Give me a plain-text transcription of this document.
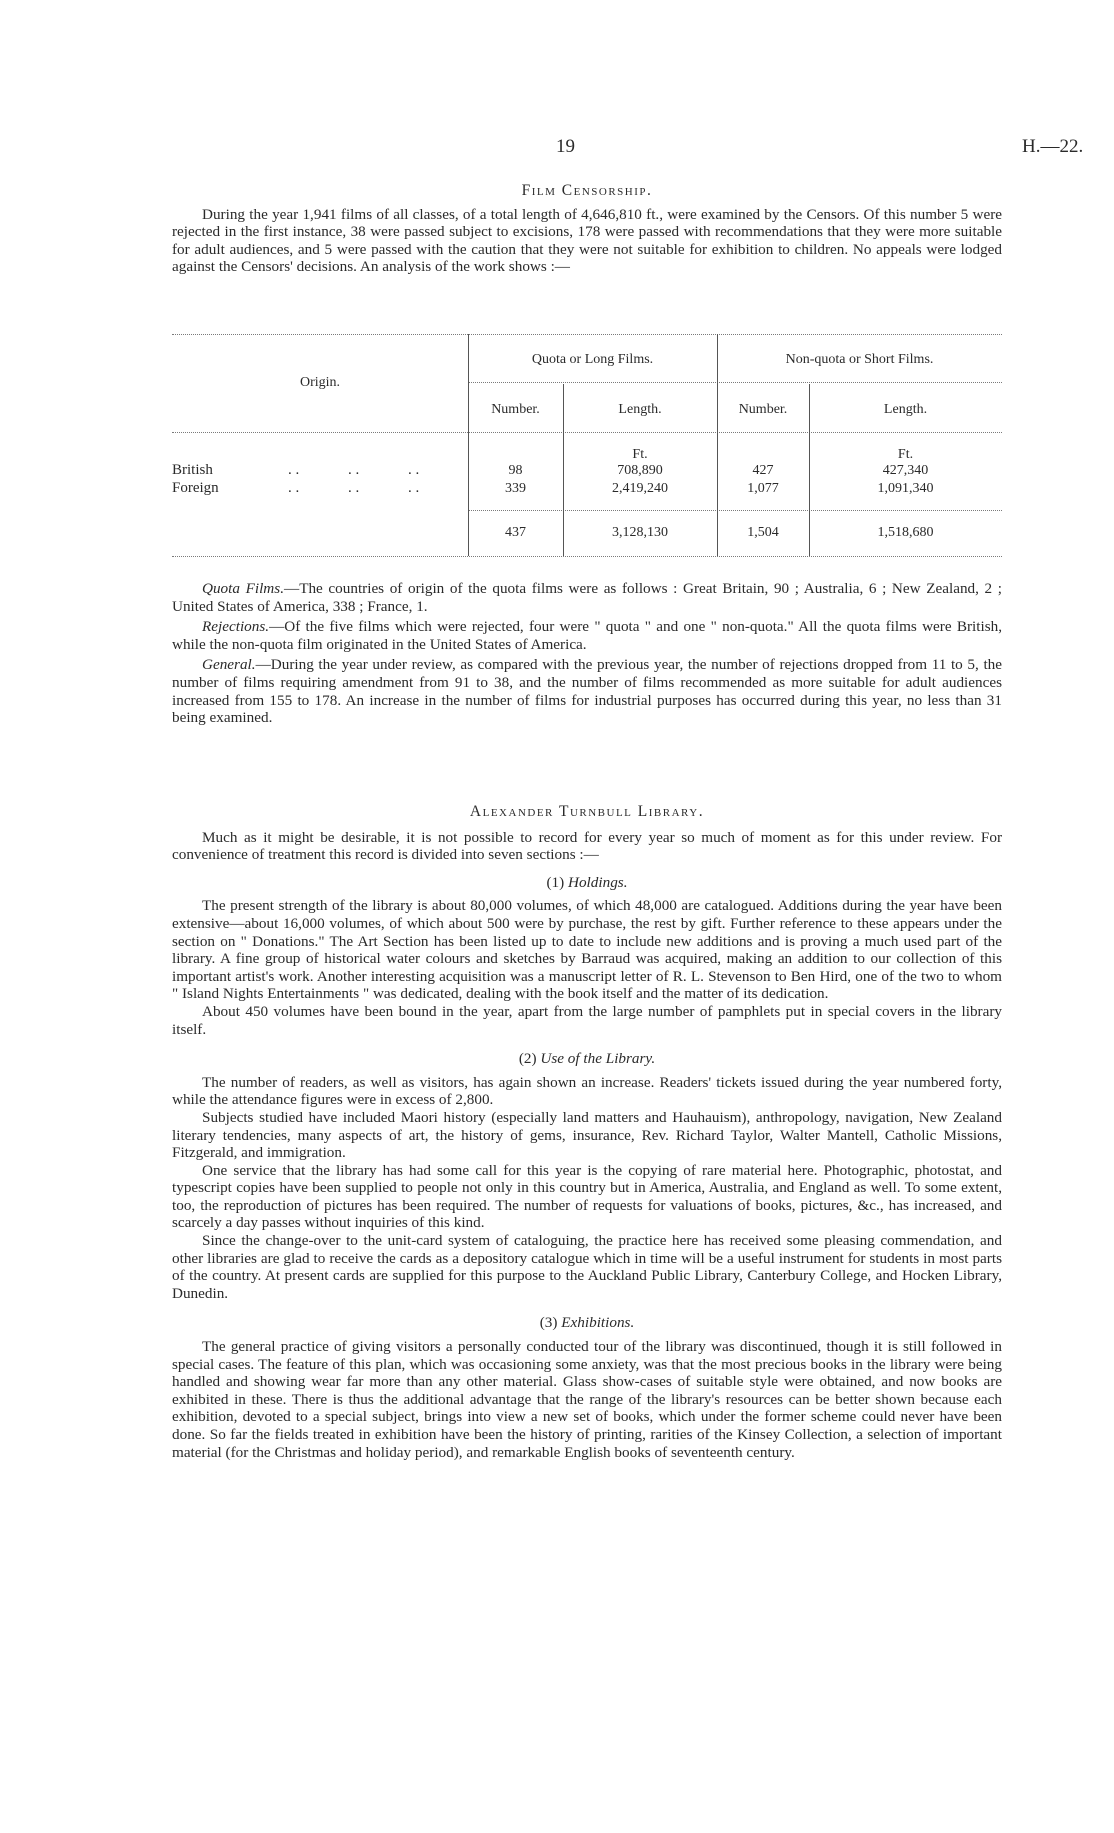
19	H.—22.
Film Censorship.

During the year 1,941 films of all classes, of a total length of 4,646,810 ft., were examined by the Censors. Of this number 5 were rejected in the first instance, 38 were passed subject to excisions, 178 were passed with recommendations that they were more suitable for adult audiences, and 5 were passed with the caution that they were not suitable for exhibition to children. No appeals were lodged against the Censors' decisions. An analysis of the work shows :—

Origin.
Quota or Long Films.	Non-quota or Short Films.
Number.	Length.	Number.	Length.
Ft.	Ft.
British	. .	. .	. .	98	708,890	427	427,340
Foreign	. .	. .	. .	339	2,419,240	1,077	1,091,340
437	3,128,130	1,504	1,518,680

Quota Films.—The countries of origin of the quota films were as follows : Great Britain, 90 ; Australia, 6 ; New Zealand, 2 ; United States of America, 338 ; France, 1.

Rejections.—Of the five films which were rejected, four were " quota " and one " non-quota." All the quota films were British, while the non-quota film originated in the United States of America.

General.—During the year under review, as compared with the previous year, the number of rejections dropped from 11 to 5, the number of films requiring amendment from 91 to 38, and the number of films recommended as more suitable for adult audiences increased from 155 to 178. An increase in the number of films for industrial purposes has occurred during this year, no less than 31 being examined.

Alexander Turnbull Library.

Much as it might be desirable, it is not possible to record for every year so much of moment as for this under review. For convenience of treatment this record is divided into seven sections :—

(1) Holdings.

The present strength of the library is about 80,000 volumes, of which 48,000 are catalogued. Additions during the year have been extensive—about 16,000 volumes, of which about 500 were by purchase, the rest by gift. Further reference to these appears under the section on " Donations." The Art Section has been listed up to date to include new additions and is proving a much used part of the library. A fine group of historical water colours and sketches by Barraud was acquired, making an addition to our collection of this important artist's work. Another interesting acquisition was a manuscript letter of R. L. Stevenson to Ben Hird, one of the two to whom " Island Nights Entertainments " was dedicated, dealing with the book itself and the matter of its dedication.

About 450 volumes have been bound in the year, apart from the large number of pamphlets put in special covers in the library itself.

(2) Use of the Library.

The number of readers, as well as visitors, has again shown an increase. Readers' tickets issued during the year numbered forty, while the attendance figures were in excess of 2,800.

Subjects studied have included Maori history (especially land matters and Hauhauism), anthropology, navigation, New Zealand literary tendencies, many aspects of art, the history of gems, insurance, Rev. Richard Taylor, Walter Mantell, Catholic Missions, Fitzgerald, and immigration.

One service that the library has had some call for this year is the copying of rare material here. Photographic, photostat, and typescript copies have been supplied to people not only in this country but in America, Australia, and England as well. To some extent, too, the reproduction of pictures has been required. The number of requests for valuations of books, pictures, &c., has increased, and scarcely a day passes without inquiries of this kind.

Since the change-over to the unit-card system of cataloguing, the practice here has received some pleasing commendation, and other libraries are glad to receive the cards as a depository catalogue which in time will be a useful instrument for students in most parts of the country. At present cards are supplied for this purpose to the Auckland Public Library, Canterbury College, and Hocken Library, Dunedin.

(3) Exhibitions.

The general practice of giving visitors a personally conducted tour of the library was discontinued, though it is still followed in special cases. The feature of this plan, which was occasioning some anxiety, was that the most precious books in the library were being handled and showing wear far more than any other material. Glass show-cases of suitable style were obtained, and now books are exhibited in these. There is thus the additional advantage that the range of the library's resources can be better shown because each exhibition, devoted to a special subject, brings into view a new set of books, which under the former scheme could never have been done. So far the fields treated in exhibition have been the history of printing, rarities of the Kinsey Collection, a selection of important material (for the Christmas and holiday period), and remarkable English books of seventeenth century.
